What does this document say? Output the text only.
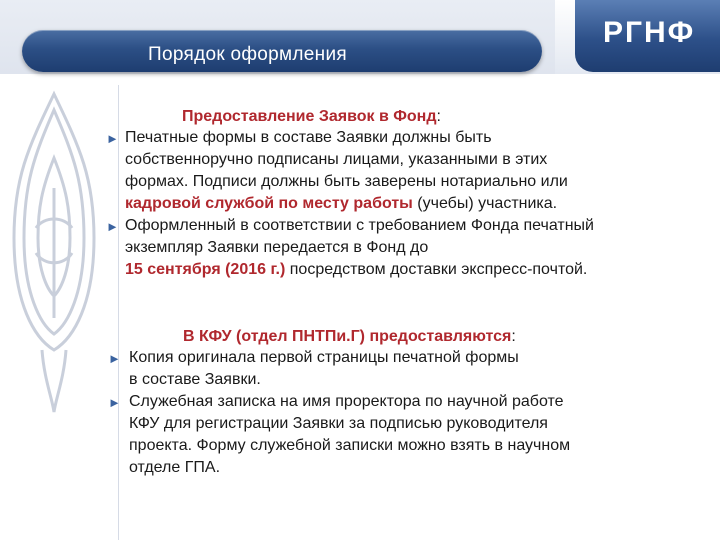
Порядок оформления
РГНФ
Предоставление Заявок в Фонд:
► Печатные формы в составе Заявки должны быть
собственноручно подписаны лицами, указанными в этих
формах. Подписи должны быть заверены нотариально или
кадровой службой по месту работы (учебы) участника.
► Оформленный в соответствии с требованием Фонда печатный
экземпляр Заявки передается в Фонд до
15 сентября (2016 г.) посредством доставки экспресс-почтой.
В КФУ (отдел ПНТПи.Г) предоставляются:
► Копия оригинала первой страницы печатной формы
в составе Заявки.
► Служебная записка на имя проректора по научной работе
КФУ для регистрации Заявки за подписью руководителя
проекта. Форму служебной записки можно взять в научном
отделе ГПА.
